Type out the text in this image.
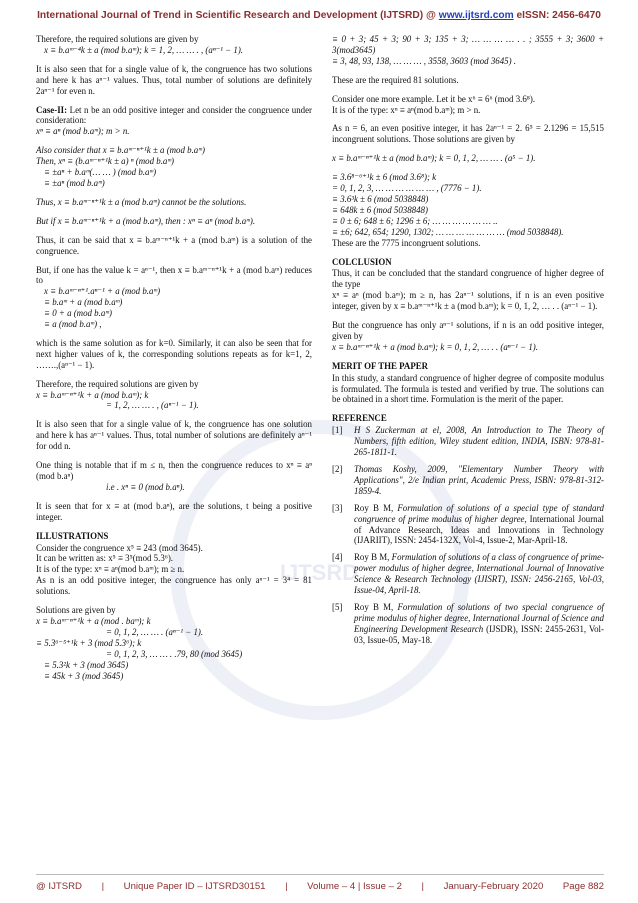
International Journal of Trend in Scientific Research and Development (IJTSRD) @ www.ijtsrd.com eISSN: 2456-6470
IJTSRD

Therefore, the required solutions are given by
x ≡ b.aᵐ⁻⁴k ± a (mod b.aᵐ); k = 1, 2, … … . , (aⁿ⁻¹ − 1).

It is also seen that for a single value of k, the congruence has two solutions and here k has aⁿ⁻¹ values. Thus, total number of solutions are definitely 2aⁿ⁻¹ for even n.

Case-II: Let n be an odd positive integer and consider the congruence under consideration:
xⁿ ≡ aⁿ (mod b.aᵐ); m > n.

Also consider that x ≡ b.aᵐ⁻ⁿ⁺¹k ± a (mod b.aᵐ)
Then, xⁿ ≡ (b.aᵐ⁻ⁿ⁺¹k ± a) ⁿ (mod b.aᵐ)
≡ ±aⁿ + b.aᵐ(… … ) (mod b.aᵐ)
≡ ±aⁿ (mod b.aᵐ)

Thus, x ≡ b.aᵐ⁻ⁿ⁺¹k ± a (mod b.aᵐ) cannot be the solutions.

But if x ≡ b.aᵐ⁻ⁿ⁺¹k + a (mod b.aᵐ), then : xⁿ ≡ aⁿ (mod b.aᵐ).

Thus, it can be said that x ≡ b.aᵐ⁻ⁿ⁺¹k + a (mod b.aᵐ) is a solution of the congruence.

But, if one has the value k = aⁿ⁻¹, then x ≡ b.aᵐ⁻ⁿ⁺¹k + a (mod b.aᵐ) reduces to
x ≡ b.aᵐ⁻ⁿ⁺¹.aⁿ⁻¹ + a (mod b.aᵐ)
≡ b.aᵐ + a (mod b.aᵐ)
≡ 0 + a (mod b.aᵐ)
≡ a (mod b.aᵐ) ,

which is the same solution as for k=0. Similarly, it can also be seen that for next higher values of k, the corresponding solutions repeats as for k=1, 2, …….,(aⁿ⁻¹ − 1).

Therefore, the required solutions are given by
x ≡ b.aᵐ⁻ⁿ⁺¹k + a (mod b.aᵐ); k
= 1, 2, … … . , (aⁿ⁻¹ − 1).

It is also seen that for a single value of k, the congruence has one solution and here k has aⁿ⁻¹ values. Thus, total number of solutions are definitely aⁿ⁻¹ for odd n.

One thing is notable that if m ≤ n, then the congruence reduces to xⁿ ≡ aⁿ (mod b.aⁿ)
i.e . xⁿ ≡ 0 (mod b.aⁿ).

It is seen that for x ≡ at (mod b.aⁿ), are the solutions, t being a positive integer.

ILLUSTRATIONS

Consider the congruence x⁵ ≡ 243 (mod 3645).
It can be written as: x⁵ ≡ 3⁵(mod 5.3⁶).
It is of the type: xⁿ ≡ aⁿ(mod b.aᵐ); m ≥ n.
As n is an odd positive integer, the congruence has only aⁿ⁻¹ = 3⁴ = 81 solutions.

Solutions are given by
x ≡ b.aᵐ⁻ⁿ⁺¹k + a (mod . baᵐ); k
= 0, 1, 2, … … . (aⁿ⁻¹ − 1).
≡ 5.3⁶⁻⁵⁺¹k + 3 (mod 5.3⁶); k
= 0, 1, 2, 3, … … . .79, 80 (mod 3645)
≡ 5.3²k + 3 (mod 3645)
≡ 45k + 3 (mod 3645)

≡ 0 + 3; 45 + 3; 90 + 3; 135 + 3; … … … … . . ; 3555 + 3; 3600 + 3(mod3645)
≡ 3, 48, 93, 138, … … … , 3558, 3603 (mod 3645) .

These are the required 81 solutions.

Consider one more example. Let it be x⁶ ≡ 6⁶ (mod 3.6⁸).
It is of the type: xⁿ ≡ aⁿ(mod b.aᵐ); m > n.

As n = 6, an even positive integer, it has 2aⁿ⁻¹ = 2. 6⁵ = 2.1296 = 15,515 incongruent solutions. Those solutions are given by

x ≡ b.aᵐ⁻ⁿ⁺¹k ± a (mod b.aᵐ); k = 0, 1, 2, … … . (a⁵ − 1).

≡ 3.6⁸⁻⁶⁺¹k ± 6 (mod 3.6⁸); k
= 0, 1, 2, 3, … … … … … … , (7776 − 1).
≡ 3.6³k ± 6 (mod 5038848)
≡ 648k ± 6 (mod 5038848)
≡ 0 ± 6; 648 ± 6; 1296 ± 6; … … … … … … ..
≡ ±6; 642, 654; 1290, 1302; … … … … … … … (mod 5038848).
These are the 7775 incongruent solutions.

COLCLUSION

Thus, it can be concluded that the standard congruence of higher degree of the type
xⁿ ≡ aⁿ (mod b.aᵐ); m ≥ n, has 2aⁿ⁻¹ solutions, if n is an even positive integer, given by x ≡ b.aᵐ⁻ⁿ⁺¹k ± a (mod b.aᵐ); k = 0, 1, 2, … . . (aⁿ⁻¹ − 1).

But the congruence has only aⁿ⁻¹ solutions, if n is an odd positive integer, given by
x ≡ b.aᵐ⁻ⁿ⁺¹k + a (mod b.aᵐ); k = 0, 1, 2, … . . (aⁿ⁻¹ − 1).

MERIT OF THE PAPER

In this study, a standard congruence of higher degree of composite modulus is formulated. The formula is tested and verified by true. The solutions can be obtained in a short time. Formulation is the merit of the paper.

REFERENCE
[1]	H S Zuckerman at el, 2008, An Introduction to The Theory of Numbers, fifth edition, Wiley student edition, INDIA, ISBN: 978-81-265-1811-1.
[2]	Thomas Koshy, 2009, "Elementary Number Theory with Applications", 2/e Indian print, Academic Press, ISBN: 978-81-312-1859-4.
[3]	Roy B M, Formulation of solutions of a special type of standard congruence of prime modulus of higher degree, International Journal of Advance Research, Ideas and Innovations in Technology (IJARIIT), ISSN: 2454-132X, Vol-4, Issue-2, Mar-April-18.
[4]	Roy B M, Formulation of solutions of a class of congruence of prime-power modulus of higher degree, International Journal of Innovative Science & Research Technology (IJISRT), ISSN: 2456-2165, Vol-03, Issue-04, April-18.
[5]	Roy B M, Formulation of solutions of two special congruence of prime modulus of higher degree, International Journal of Science and Engineering Development Research (IJSDR), ISSN: 2455-2631, Vol-03, Issue-05, May-18.
@ IJTSRD | Unique Paper ID – IJTSRD30151 | Volume – 4 | Issue – 2 | January-February 2020 Page 882
